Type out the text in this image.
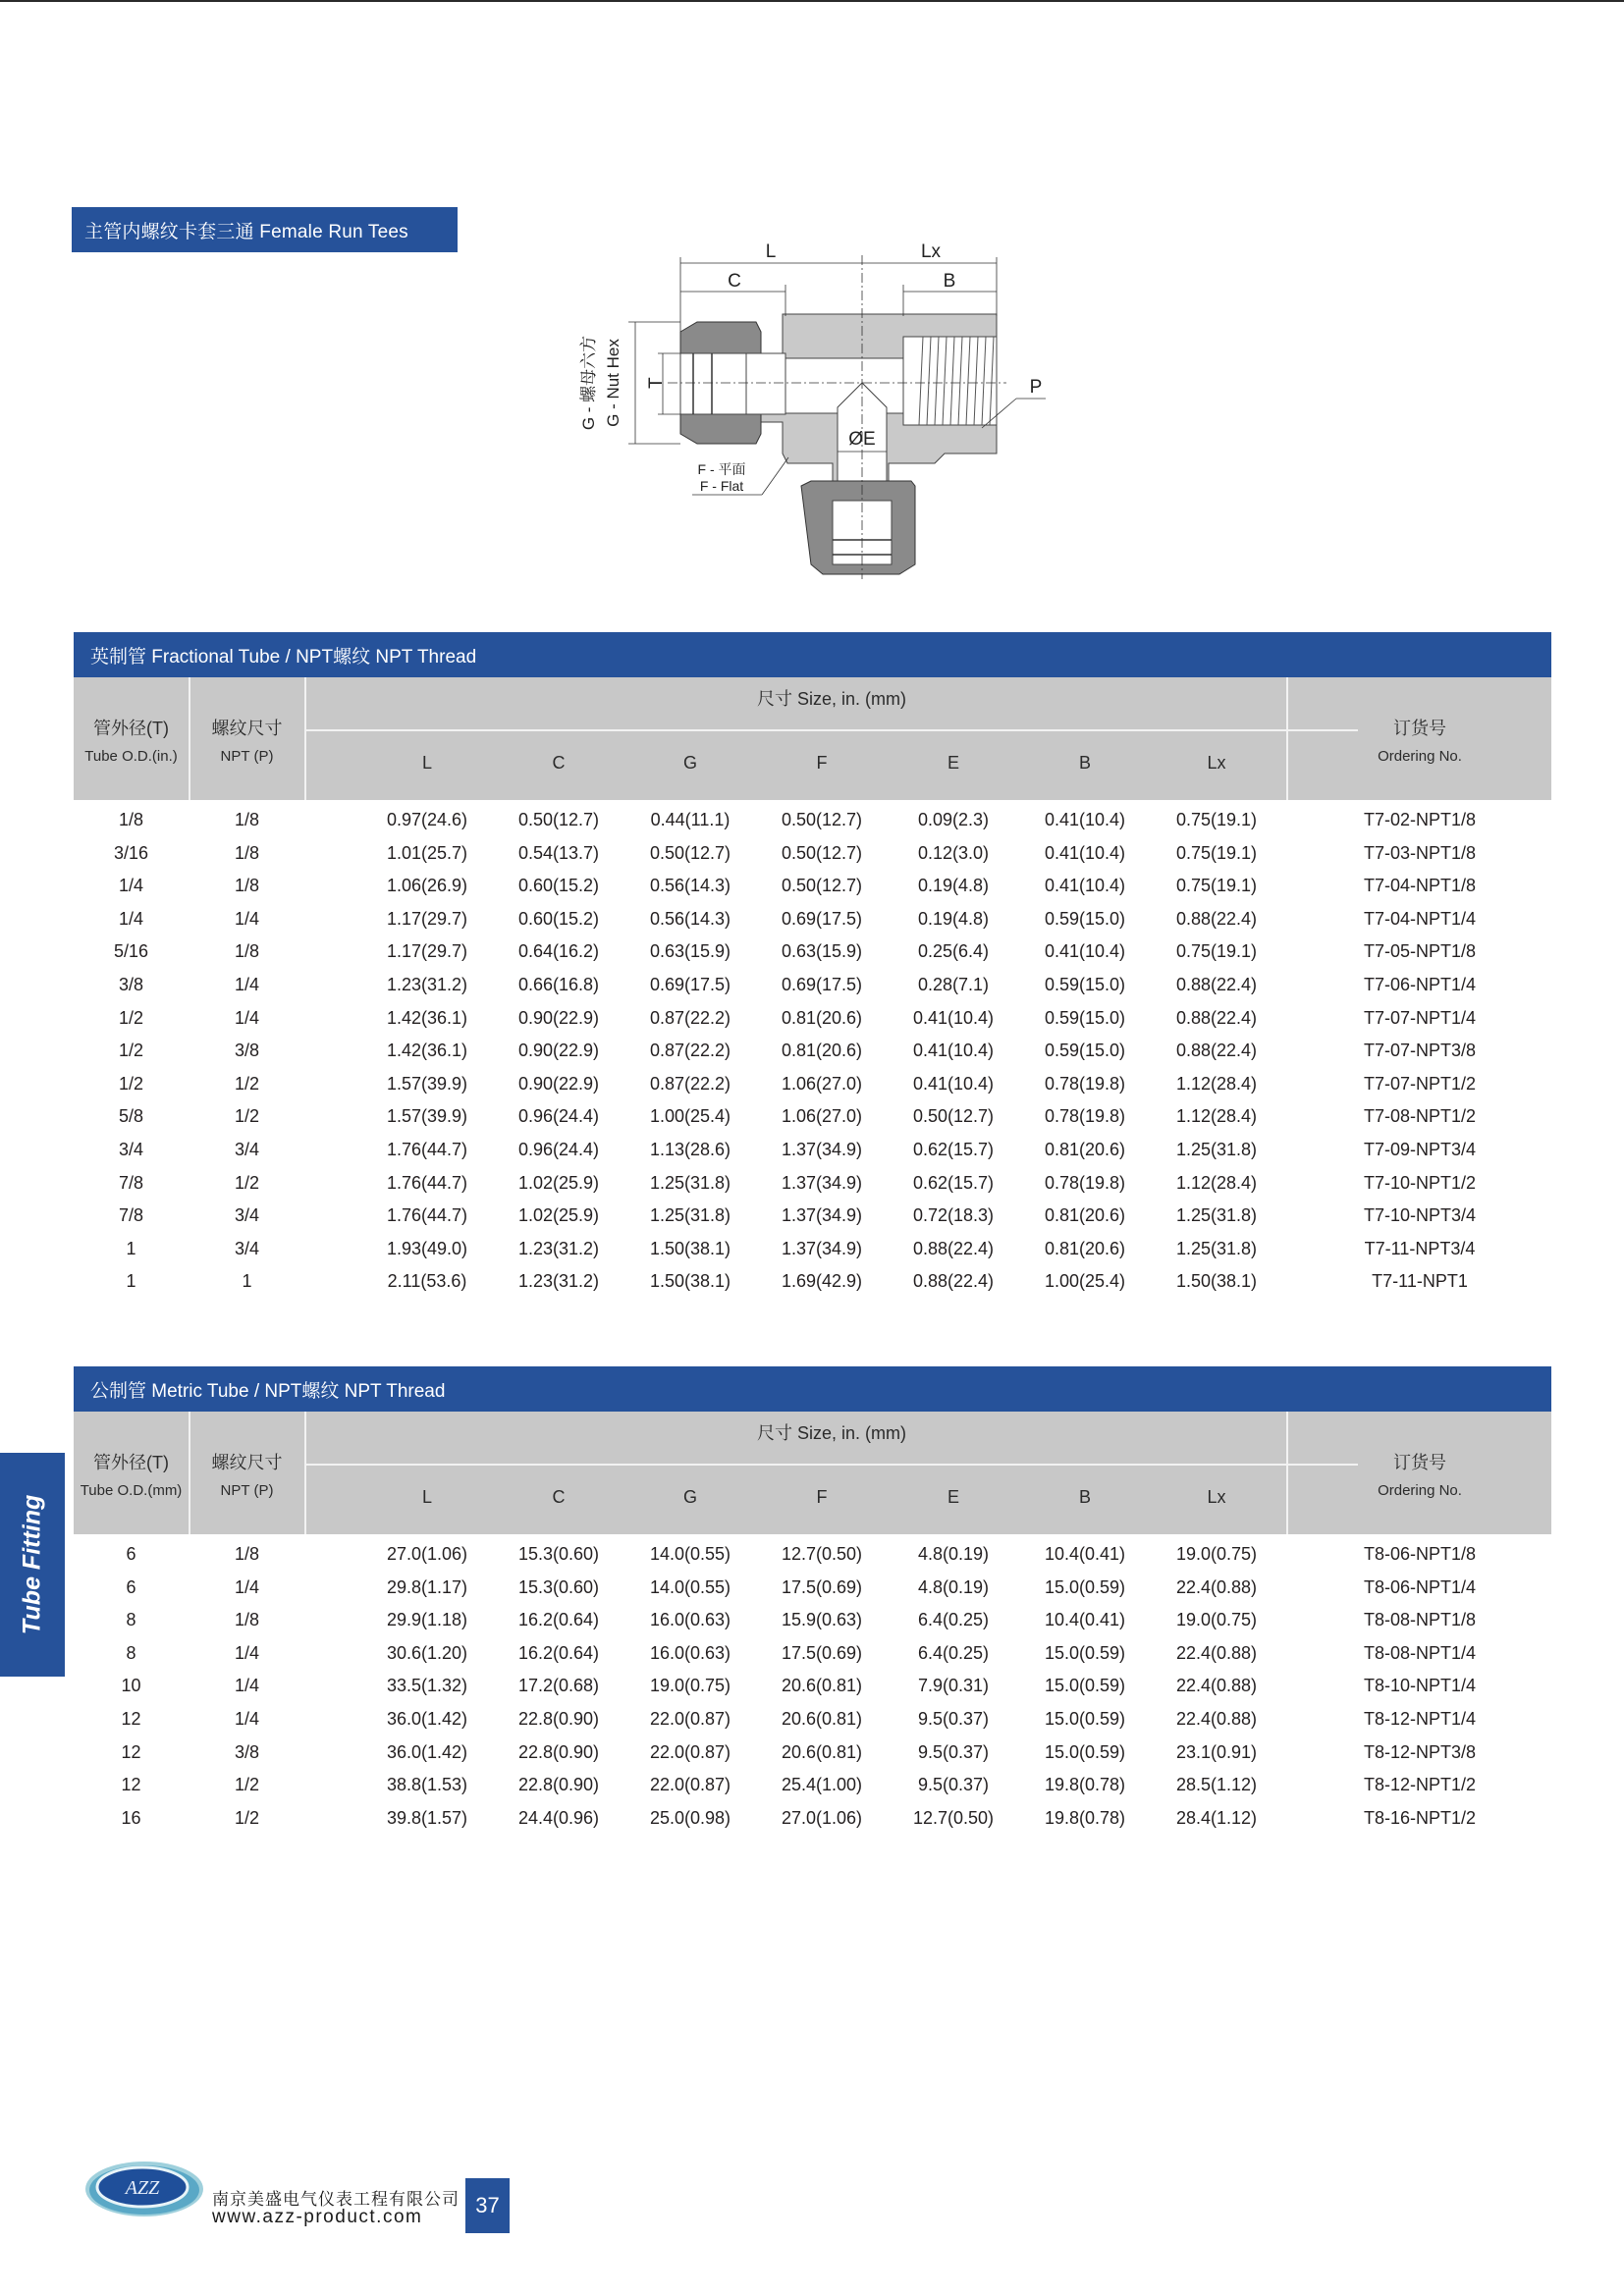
主管内螺纹卡套三通 Female Run Tees
L	Lx
C	B
P
ØE
T
G - 螺母六方 G - Nut Hex
F - 平面
F - Flat
英制管 Fractional Tube / NPT螺纹 NPT Thread
管外径(T)
Tube O.D.(in.)
螺纹尺寸
NPT (P)
尺寸 Size, in. (mm)
L	C	G	F	E	B	Lx
订货号
Ordering No.
1/8	1/8	0.97(24.6)	0.50(12.7)	0.44(11.1)	0.50(12.7)	0.09(2.3)	0.41(10.4)	0.75(19.1)	T7-02-NPT1/8
3/16	1/8	1.01(25.7)	0.54(13.7)	0.50(12.7)	0.50(12.7)	0.12(3.0)	0.41(10.4)	0.75(19.1)	T7-03-NPT1/8
1/4	1/8	1.06(26.9)	0.60(15.2)	0.56(14.3)	0.50(12.7)	0.19(4.8)	0.41(10.4)	0.75(19.1)	T7-04-NPT1/8
1/4	1/4	1.17(29.7)	0.60(15.2)	0.56(14.3)	0.69(17.5)	0.19(4.8)	0.59(15.0)	0.88(22.4)	T7-04-NPT1/4
5/16	1/8	1.17(29.7)	0.64(16.2)	0.63(15.9)	0.63(15.9)	0.25(6.4)	0.41(10.4)	0.75(19.1)	T7-05-NPT1/8
3/8	1/4	1.23(31.2)	0.66(16.8)	0.69(17.5)	0.69(17.5)	0.28(7.1)	0.59(15.0)	0.88(22.4)	T7-06-NPT1/4
1/2	1/4	1.42(36.1)	0.90(22.9)	0.87(22.2)	0.81(20.6)	0.41(10.4)	0.59(15.0)	0.88(22.4)	T7-07-NPT1/4
1/2	3/8	1.42(36.1)	0.90(22.9)	0.87(22.2)	0.81(20.6)	0.41(10.4)	0.59(15.0)	0.88(22.4)	T7-07-NPT3/8
1/2	1/2	1.57(39.9)	0.90(22.9)	0.87(22.2)	1.06(27.0)	0.41(10.4)	0.78(19.8)	1.12(28.4)	T7-07-NPT1/2
5/8	1/2	1.57(39.9)	0.96(24.4)	1.00(25.4)	1.06(27.0)	0.50(12.7)	0.78(19.8)	1.12(28.4)	T7-08-NPT1/2
3/4	3/4	1.76(44.7)	0.96(24.4)	1.13(28.6)	1.37(34.9)	0.62(15.7)	0.81(20.6)	1.25(31.8)	T7-09-NPT3/4
7/8	1/2	1.76(44.7)	1.02(25.9)	1.25(31.8)	1.37(34.9)	0.62(15.7)	0.78(19.8)	1.12(28.4)	T7-10-NPT1/2
7/8	3/4	1.76(44.7)	1.02(25.9)	1.25(31.8)	1.37(34.9)	0.72(18.3)	0.81(20.6)	1.25(31.8)	T7-10-NPT3/4
1	3/4	1.93(49.0)	1.23(31.2)	1.50(38.1)	1.37(34.9)	0.88(22.4)	0.81(20.6)	1.25(31.8)	T7-11-NPT3/4
1	1	2.11(53.6)	1.23(31.2)	1.50(38.1)	1.69(42.9)	0.88(22.4)	1.00(25.4)	1.50(38.1)	T7-11-NPT1
公制管 Metric Tube / NPT螺纹 NPT Thread
管外径(T)
Tube O.D.(mm)
螺纹尺寸
NPT (P)
尺寸 Size, in. (mm)
L	C	G	F	E	B	Lx
订货号
Ordering No.
6	1/8	27.0(1.06)	15.3(0.60)	14.0(0.55)	12.7(0.50)	4.8(0.19)	10.4(0.41)	19.0(0.75)	T8-06-NPT1/8
6	1/4	29.8(1.17)	15.3(0.60)	14.0(0.55)	17.5(0.69)	4.8(0.19)	15.0(0.59)	22.4(0.88)	T8-06-NPT1/4
8	1/8	29.9(1.18)	16.2(0.64)	16.0(0.63)	15.9(0.63)	6.4(0.25)	10.4(0.41)	19.0(0.75)	T8-08-NPT1/8
8	1/4	30.6(1.20)	16.2(0.64)	16.0(0.63)	17.5(0.69)	6.4(0.25)	15.0(0.59)	22.4(0.88)	T8-08-NPT1/4
10	1/4	33.5(1.32)	17.2(0.68)	19.0(0.75)	20.6(0.81)	7.9(0.31)	15.0(0.59)	22.4(0.88)	T8-10-NPT1/4
12	1/4	36.0(1.42)	22.8(0.90)	22.0(0.87)	20.6(0.81)	9.5(0.37)	15.0(0.59)	22.4(0.88)	T8-12-NPT1/4
12	3/8	36.0(1.42)	22.8(0.90)	22.0(0.87)	20.6(0.81)	9.5(0.37)	15.0(0.59)	23.1(0.91)	T8-12-NPT3/8
12	1/2	38.8(1.53)	22.8(0.90)	22.0(0.87)	25.4(1.00)	9.5(0.37)	19.8(0.78)	28.5(1.12)	T8-12-NPT1/2
16	1/2	39.8(1.57)	24.4(0.96)	25.0(0.98)	27.0(1.06)	12.7(0.50)	19.8(0.78)	28.4(1.12)	T8-16-NPT1/2
Tube Fitting
AZZ
南京美盛电气仪表工程有限公司
www.azz-product.com	37
